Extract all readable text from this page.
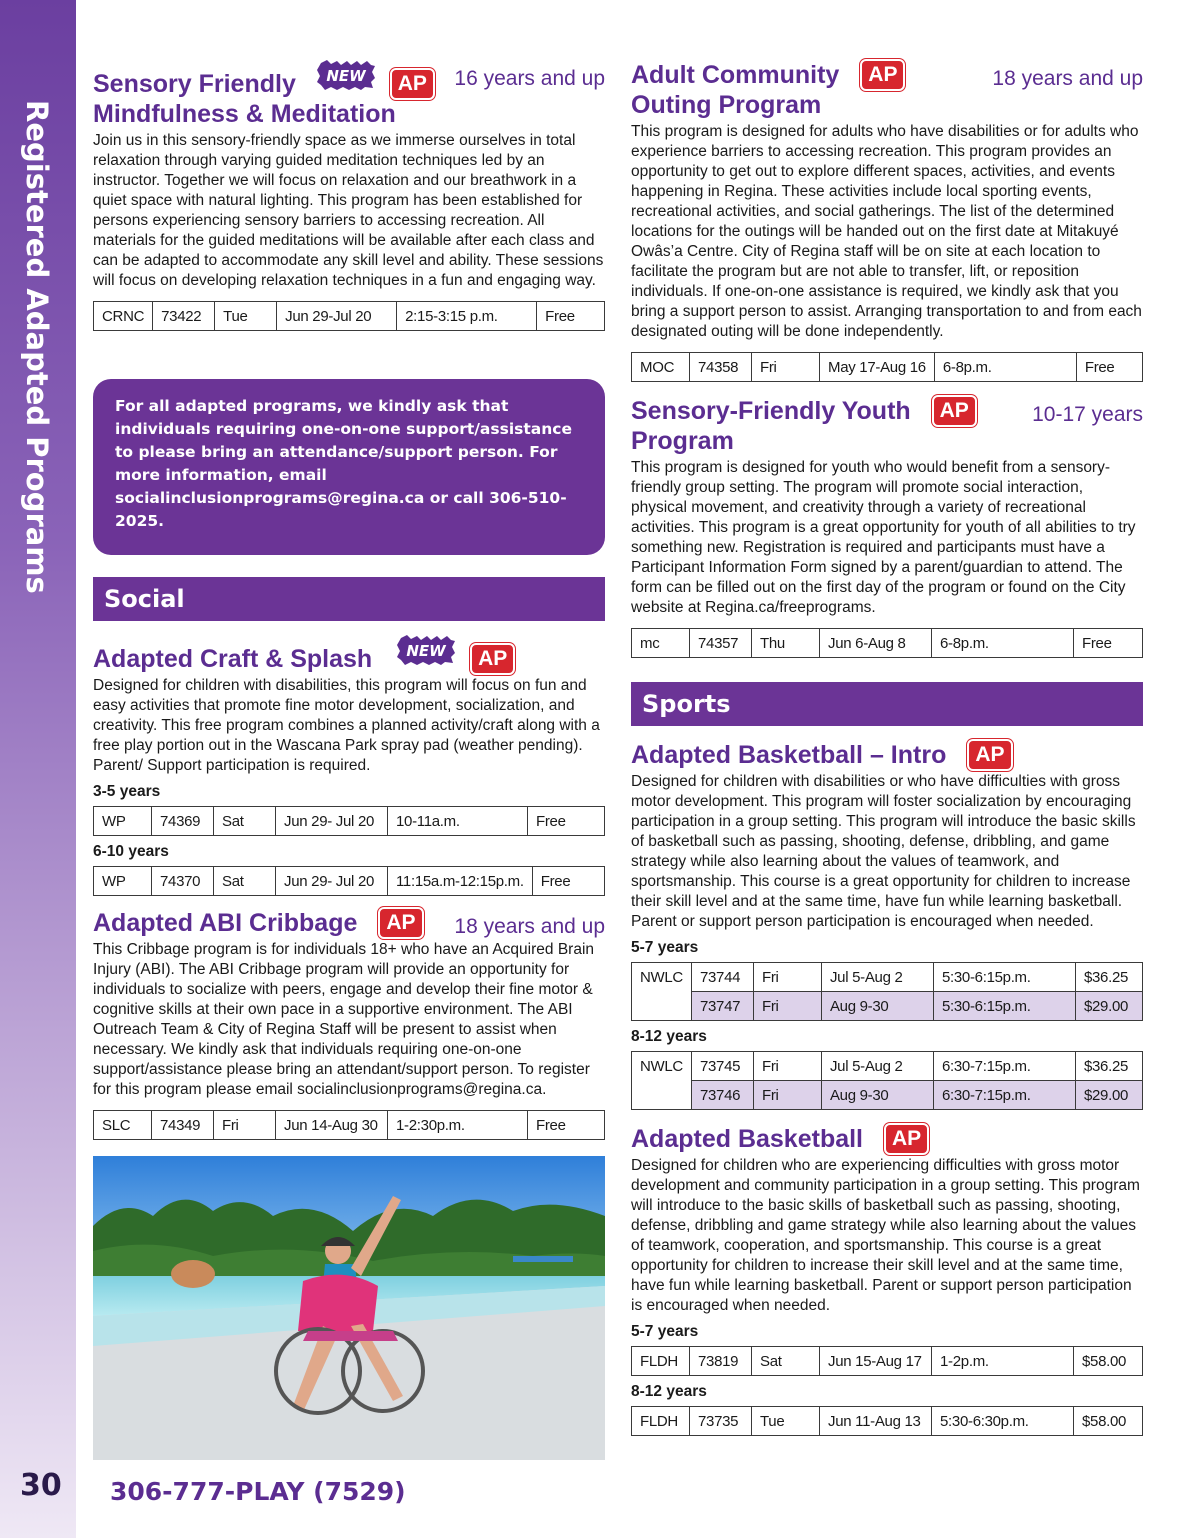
Registered Adapted Programs
30 306-777-PLAY (7529)
Sensory Friendly NEW AP
Mindfulness & Meditation
16 years and up

Join us in this sensory-friendly space as we immerse ourselves in total relaxation through varying guided meditation techniques led by an instructor. Together we will focus on relaxation and our breathwork in a quiet space with natural lighting. This program has been established for persons experiencing sensory barriers to accessing recreation. All materials for the guided meditations will be available after each class and can be adapted to accommodate any skill level and ability. These sessions will focus on developing relaxation techniques in a fun and engaging way.

CRNC	73422	Tue	Jun 29-Jul 20	2:15-3:15 p.m.	Free
For all adapted programs, we kindly ask that individuals requiring one-on-one support/assistance to please bring an attendance/support person. For more information, email socialinclusionprograms@regina.ca or call 306-510-2025.
Social
Adapted Craft & Splash NEW AP

Designed for children with disabilities, this program will focus on fun and easy activities that promote fine motor development, socialization, and creativity. This free program combines a planned activity/craft along with a free play portion out in the Wascana Park spray pad (weather pending). Parent/ Support participation is required.

3-5 years
WP	74369	Sat	Jun 29- Jul 20	10-11a.m.	Free
6-10 years
WP	74370	Sat	Jun 29- Jul 20	11:15a.m-12:15p.m.	Free
Adapted ABI Cribbage AP	18 years and up

This Cribbage program is for individuals 18+ who have an Acquired Brain Injury (ABI). The ABI Cribbage program will provide an opportunity for individuals to socialize with peers, engage and develop their fine motor & cognitive skills at their own pace in a supportive environment. The ABI Outreach Team & City of Regina Staff will be present to assist when necessary. We kindly ask that individuals requiring one-on-one support/assistance please bring an attendant/support person. To register for this program please email socialinclusionprograms@regina.ca.

SLC	74349	Fri	Jun 14-Aug 30	1-2:30p.m.	Free
Adult Community AP
Outing Program
18 years and up

This program is designed for adults who have disabilities or for adults who experience barriers to accessing recreation. This program provides an opportunity to get out to explore different spaces, activities, and events happening in Regina. These activities include local sporting events, recreational activities, and social gatherings. The list of the determined locations for the outings will be handed out on the first date at Mitakuyé Owâs’a Centre. City of Regina staff will be on site at each location to facilitate the program but are not able to transfer, lift, or reposition individuals. If one-on-one assistance is required, we kindly ask that you bring a support person to assist. Arranging transportation to and from each designated outing will be done independently.

MOC	74358	Fri	May 17-Aug 16	6-8p.m.	Free
Sensory-Friendly Youth AP
Program
10-17 years

This program is designed for youth who would benefit from a sensory-friendly group setting. The program will promote social interaction, physical movement, and creativity through a variety of recreational activities. This program is a great opportunity for youth of all abilities to try something new. Registration is required and participants must have a Participant Information Form signed by a parent/guardian to attend. The form can be filled out on the first day of the program or found on the City website at Regina.ca/freeprograms.

mc	74357	Thu	Jun 6-Aug 8	6-8p.m.	Free
Sports
Adapted Basketball – Intro AP

Designed for children with disabilities or who have difficulties with gross motor development. This program will foster socialization by encouraging participation in a group setting. This program will introduce the basic skills of basketball such as passing, shooting, defense, dribbling, and game strategy while also learning about the values of teamwork, and sportsmanship. This course is a great opportunity for children to increase their skill level and at the same time, have fun while learning basketball. Parent or support person participation is encouraged when needed.

5-7 years
NWLC	73744	Fri	Jul 5-Aug 2	5:30-6:15p.m.	$36.25
	73747	Fri	Aug 9-30	5:30-6:15p.m.	$29.00
8-12 years
NWLC	73745	Fri	Jul 5-Aug 2	6:30-7:15p.m.	$36.25
	73746	Fri	Aug 9-30	6:30-7:15p.m.	$29.00
Adapted Basketball AP

Designed for children who are experiencing difficulties with gross motor development and community participation in a group setting. This program will introduce to the basic skills of basketball such as passing, shooting, defense, dribbling and game strategy while also learning about the values of teamwork, cooperation, and sportsmanship. This course is a great opportunity for children to increase their skill level and at the same time, have fun while learning basketball. Parent or support person participation is encouraged when needed.

5-7 years
FLDH	73819	Sat	Jun 15-Aug 17	1-2p.m.	$58.00
8-12 years
FLDH	73735	Tue	Jun 11-Aug 13	5:30-6:30p.m.	$58.00
